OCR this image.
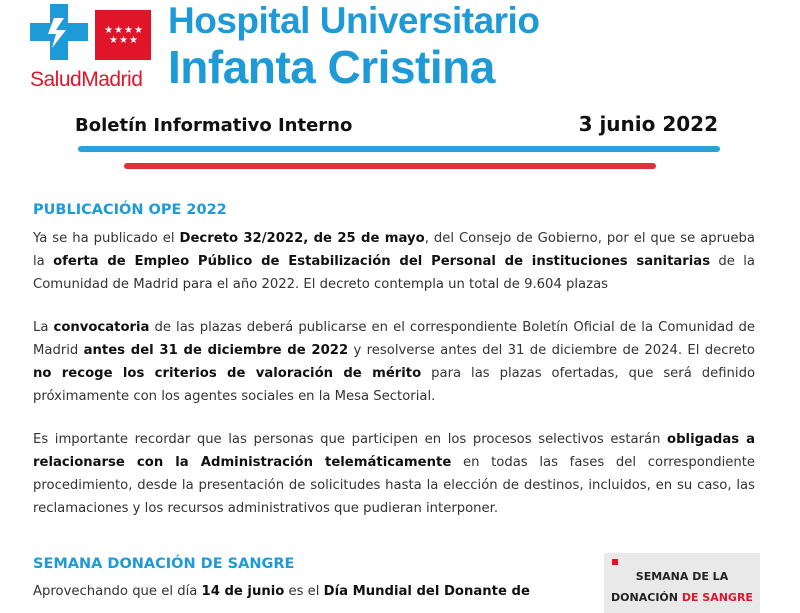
★★★★
★★★
SaludMadrid
Hospital Universitario
Infanta Cristina
Boletín Informativo Interno	3 junio 2022
PUBLICACIÓN OPE 2022

Ya se ha publicado el Decreto 32/2022, de 25 de mayo, del Consejo de Gobierno, por el que se aprueba la oferta de Empleo Público de Estabilización del Personal de instituciones sanitarias de la Comunidad de Madrid para el año 2022. El decreto contempla un total de 9.604 plazas

La convocatoria de las plazas deberá publicarse en el correspondiente Boletín Oficial de la Comunidad de Madrid antes del 31 de diciembre de 2022 y resolverse antes del 31 de diciembre de 2024. El decreto no recoge los criterios de valoración de mérito para las plazas ofertadas, que será definido próximamente con los agentes sociales en la Mesa Sectorial.

Es importante recordar que las personas que participen en los procesos selectivos estarán obligadas a relacionarse con la Administración telemáticamente en todas las fases del correspondiente procedimiento, desde la presentación de solicitudes hasta la elección de destinos, incluidos, en su caso, las reclamaciones y los recursos administrativos que pudieran interponer.

SEMANA DONACIÓN DE SANGRE

Aprovechando que el día 14 de junio es el Día Mundial del Donante de

SEMANA DE LA
DONACIÓN DE SANGRE
